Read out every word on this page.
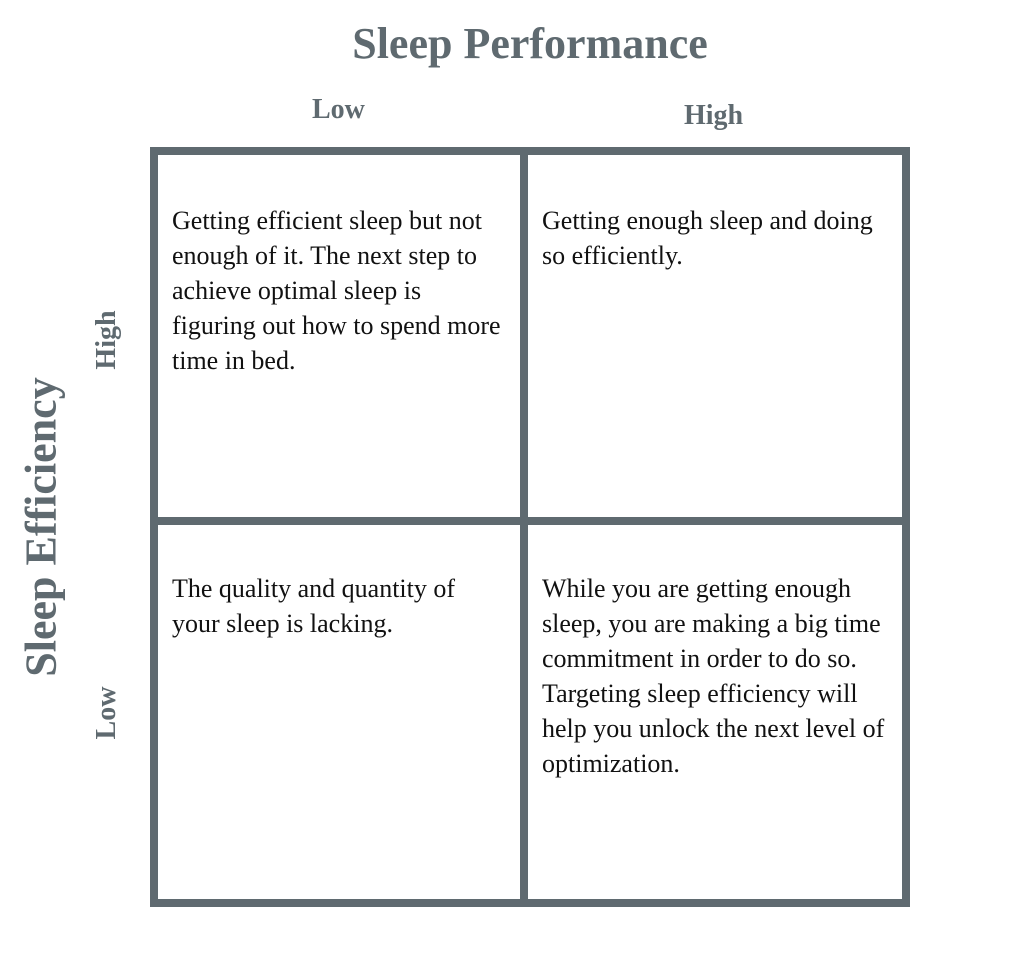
Sleep Performance
Low	High
Sleep Efficiency
High
Low
Getting efficient sleep but not enough of it. The next step to achieve optimal sleep is figuring out how to spend more time in bed.
Getting enough sleep and doing so efficiently.
The quality and quantity of your sleep is lacking.
While you are getting enough sleep, you are making a big time commitment in order to do so. Targeting sleep efficiency will help you unlock the next level of optimization.
